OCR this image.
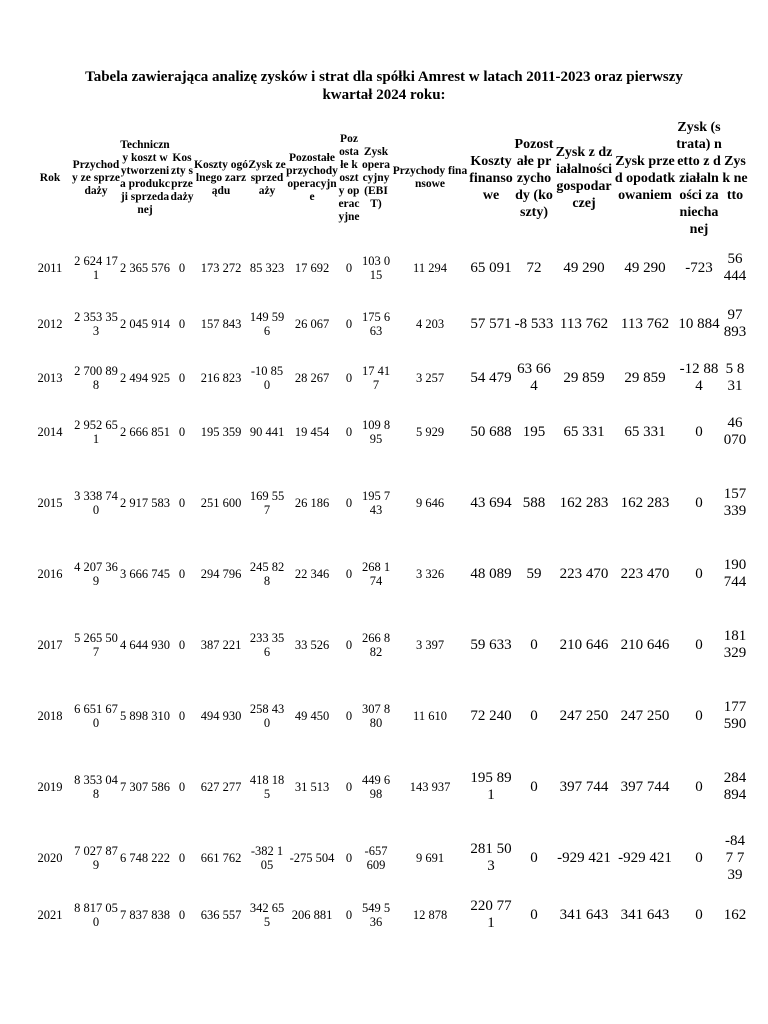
Tabela zawierająca analizę zysków i strat dla spółki Amrest w latach 2011-2023 oraz pierwszy kwartał 2024 roku:
Rok	Przychody ze sprzedaży	Techniczny koszt wytworzenia produkcji sprzedanej	Koszty sprzedaży	Koszty ogólnego zarządu	Zysk ze sprzedaży	Pozostałe przychody operacyjne	Pozostałe koszty operacyjne	Zysk operacyjny (EBIT)	Przychody finansowe	Koszty finansowe	Pozostałe przychody (koszty)	Zysk z działalności gospodarczej	Zysk przed opodatkowaniem	Zysk (strata) netto z działalności zaniechanej	Zysk netto
2011	2 624 171	2 365 576	0	173 272	85 323	17 692	0	103 015	11 294	65 091	72	49 290	49 290	-723	56 444
2012	2 353 353	2 045 914	0	157 843	149 596	26 067	0	175 663	4 203	57 571	-8 533	113 762	113 762	10 884	97 893
2013	2 700 898	2 494 925	0	216 823	-10 850	28 267	0	17 417	3 257	54 479	63 664	29 859	29 859	-12 884	5 831
2014	2 952 651	2 666 851	0	195 359	90 441	19 454	0	109 895	5 929	50 688	195	65 331	65 331	0	46 070
2015	3 338 740	2 917 583	0	251 600	169 557	26 186	0	195 743	9 646	43 694	588	162 283	162 283	0	157 339
2016	4 207 369	3 666 745	0	294 796	245 828	22 346	0	268 174	3 326	48 089	59	223 470	223 470	0	190 744
2017	5 265 507	4 644 930	0	387 221	233 356	33 526	0	266 882	3 397	59 633	0	210 646	210 646	0	181 329
2018	6 651 670	5 898 310	0	494 930	258 430	49 450	0	307 880	11 610	72 240	0	247 250	247 250	0	177 590
2019	8 353 048	7 307 586	0	627 277	418 185	31 513	0	449 698	143 937	195 891	0	397 744	397 744	0	284 894
2020	7 027 879	6 748 222	0	661 762	-382 105	-275 504	0	-657 609	9 691	281 503	0	-929 421	-929 421	0	-847 739
2021	8 817 050	7 837 838	0	636 557	342 655	206 881	0	549 536	12 878	220 771	0	341 643	341 643	0	162
